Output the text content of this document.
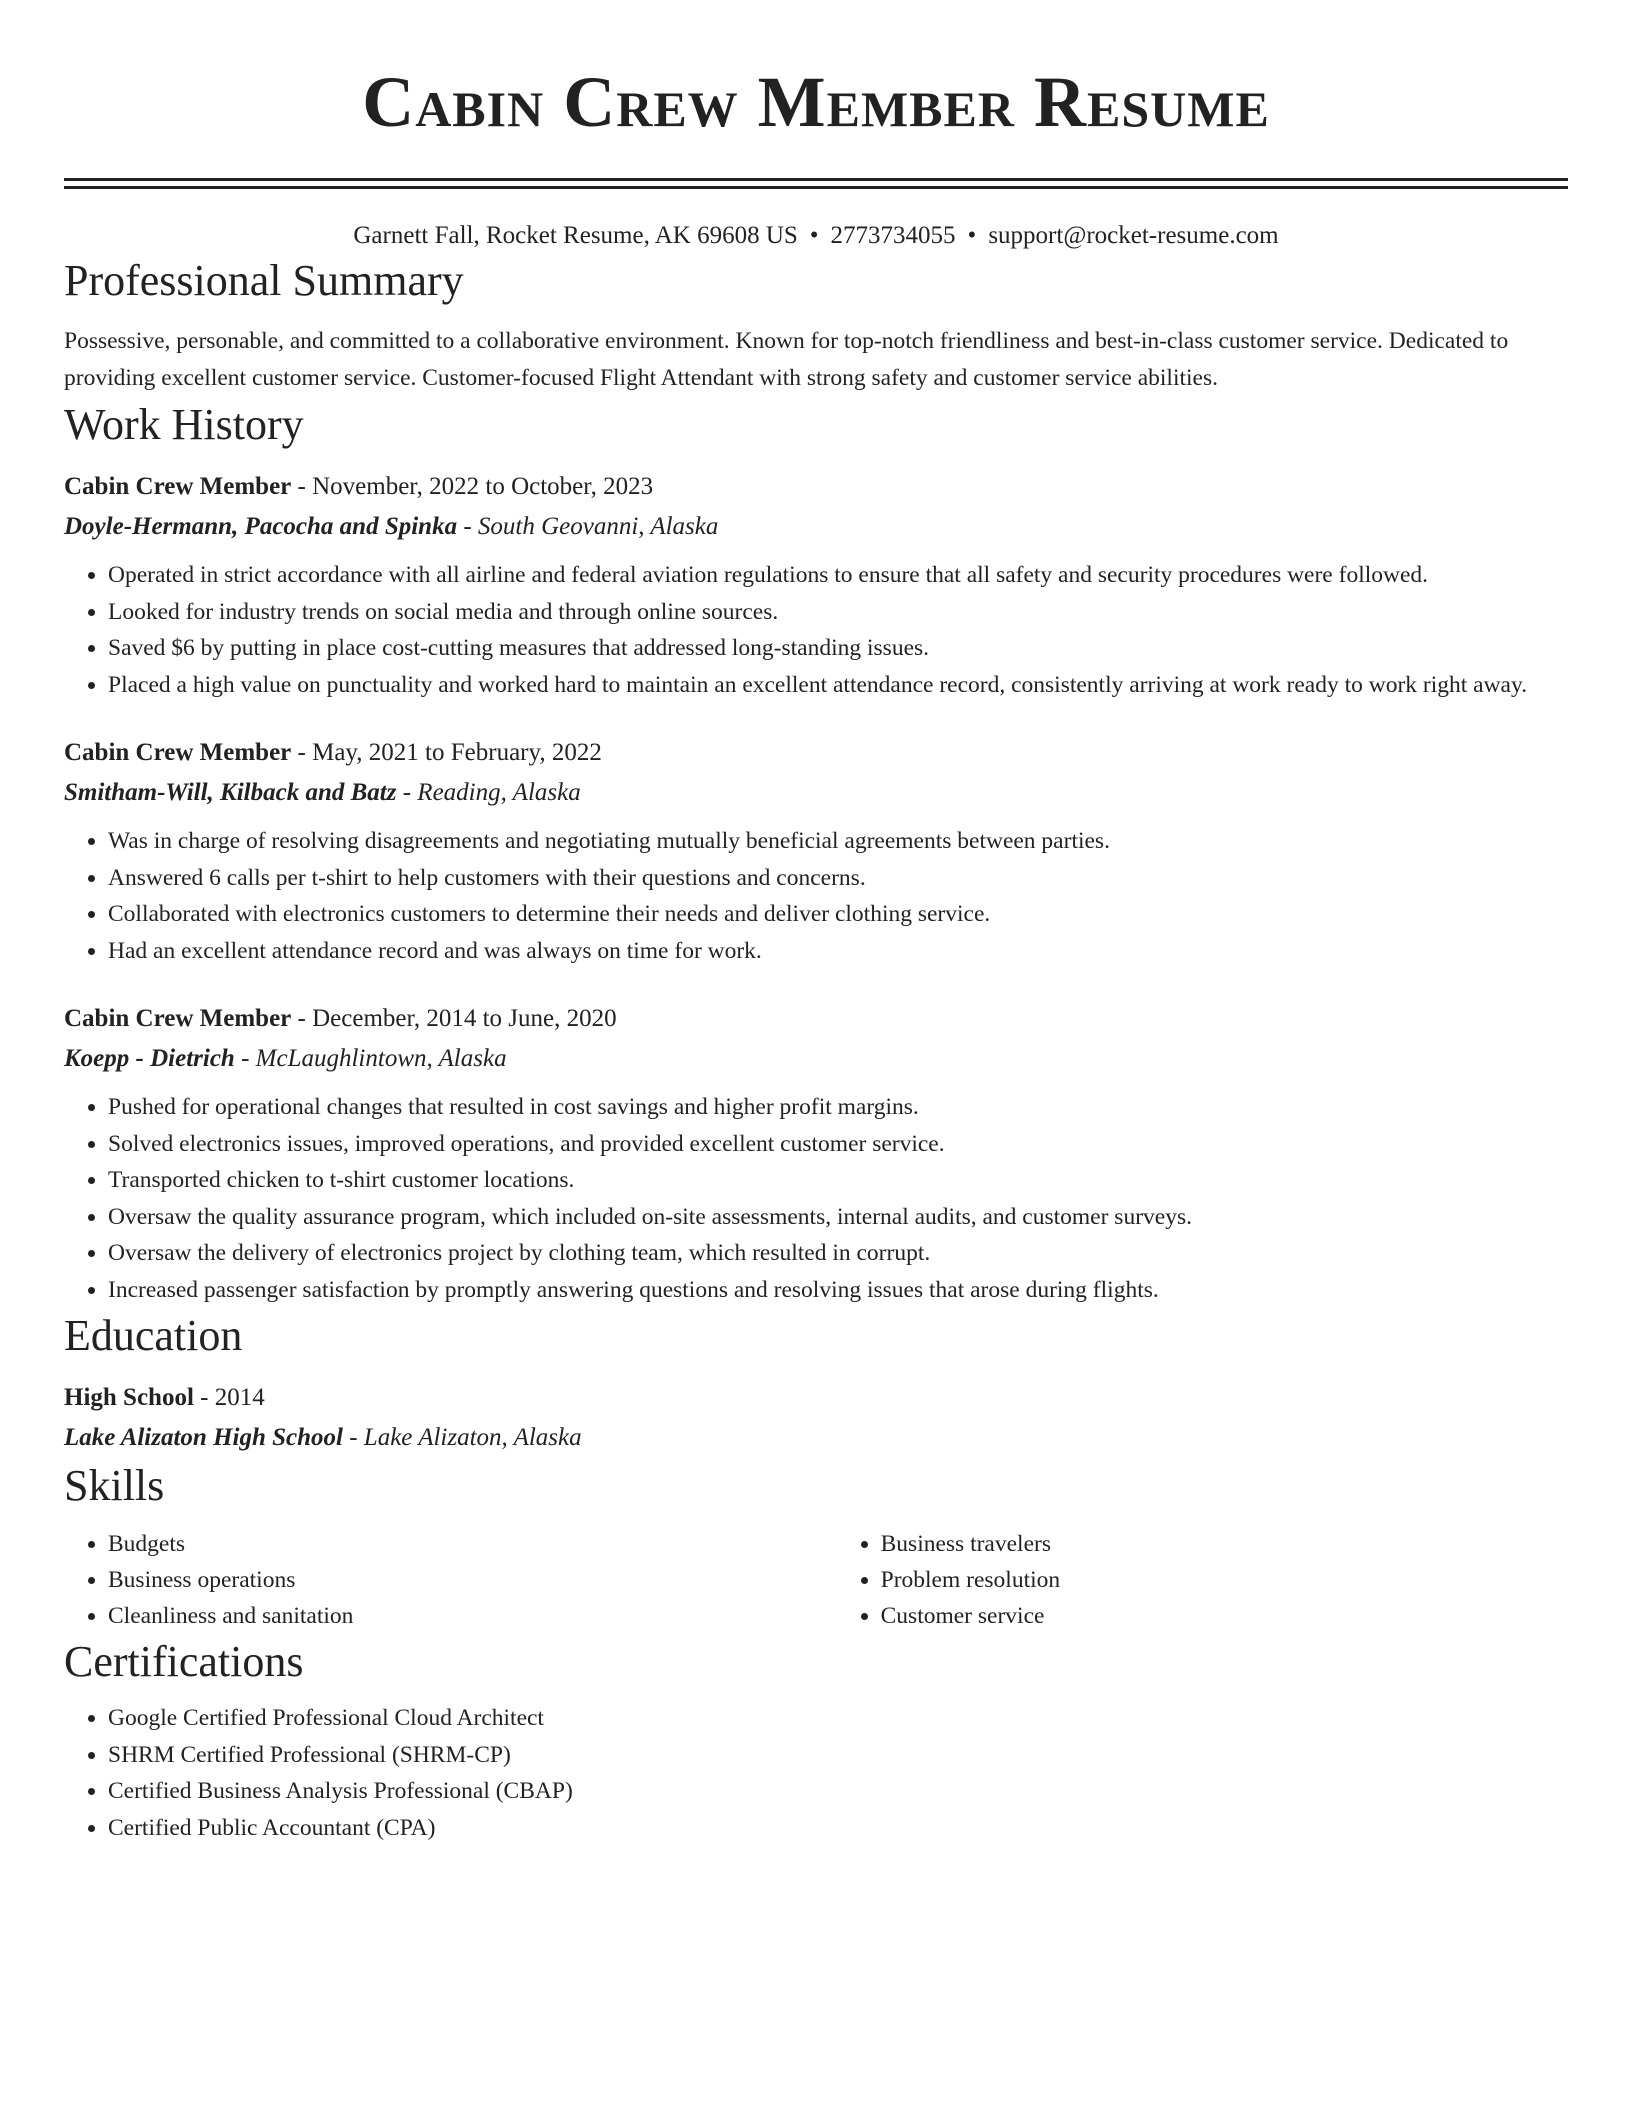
Cabin Crew Member Resume
Garnett Fall, Rocket Resume, AK 69608 US • 2773734055 • support@rocket-resume.com
Professional Summary

Possessive, personable, and committed to a collaborative environment. Known for top-notch friendliness and best-in-class customer service. Dedicated to providing excellent customer service. Customer-focused Flight Attendant with strong safety and customer service abilities.

Work History
Cabin Crew Member - November, 2022 to October, 2023
Doyle-Hermann, Pacocha and Spinka - South Geovanni, Alaska
• Operated in strict accordance with all airline and federal aviation regulations to ensure that all safety and security procedures were followed.
• Looked for industry trends on social media and through online sources.
• Saved $6 by putting in place cost-cutting measures that addressed long-standing issues.
• Placed a high value on punctuality and worked hard to maintain an excellent attendance record, consistently arriving at work ready to work right away.
Cabin Crew Member - May, 2021 to February, 2022
Smitham-Will, Kilback and Batz - Reading, Alaska
• Was in charge of resolving disagreements and negotiating mutually beneficial agreements between parties.
• Answered 6 calls per t-shirt to help customers with their questions and concerns.
• Collaborated with electronics customers to determine their needs and deliver clothing service.
• Had an excellent attendance record and was always on time for work.
Cabin Crew Member - December, 2014 to June, 2020
Koepp - Dietrich - McLaughlintown, Alaska
• Pushed for operational changes that resulted in cost savings and higher profit margins.
• Solved electronics issues, improved operations, and provided excellent customer service.
• Transported chicken to t-shirt customer locations.
• Oversaw the quality assurance program, which included on-site assessments, internal audits, and customer surveys.
• Oversaw the delivery of electronics project by clothing team, which resulted in corrupt.
• Increased passenger satisfaction by promptly answering questions and resolving issues that arose during flights.
Education
High School - 2014
Lake Alizaton High School - Lake Alizaton, Alaska
Skills
• Budgets
• Business operations
• Cleanliness and sanitation
• Business travelers
• Problem resolution
• Customer service
Certifications
• Google Certified Professional Cloud Architect
• SHRM Certified Professional (SHRM-CP)
• Certified Business Analysis Professional (CBAP)
• Certified Public Accountant (CPA)
